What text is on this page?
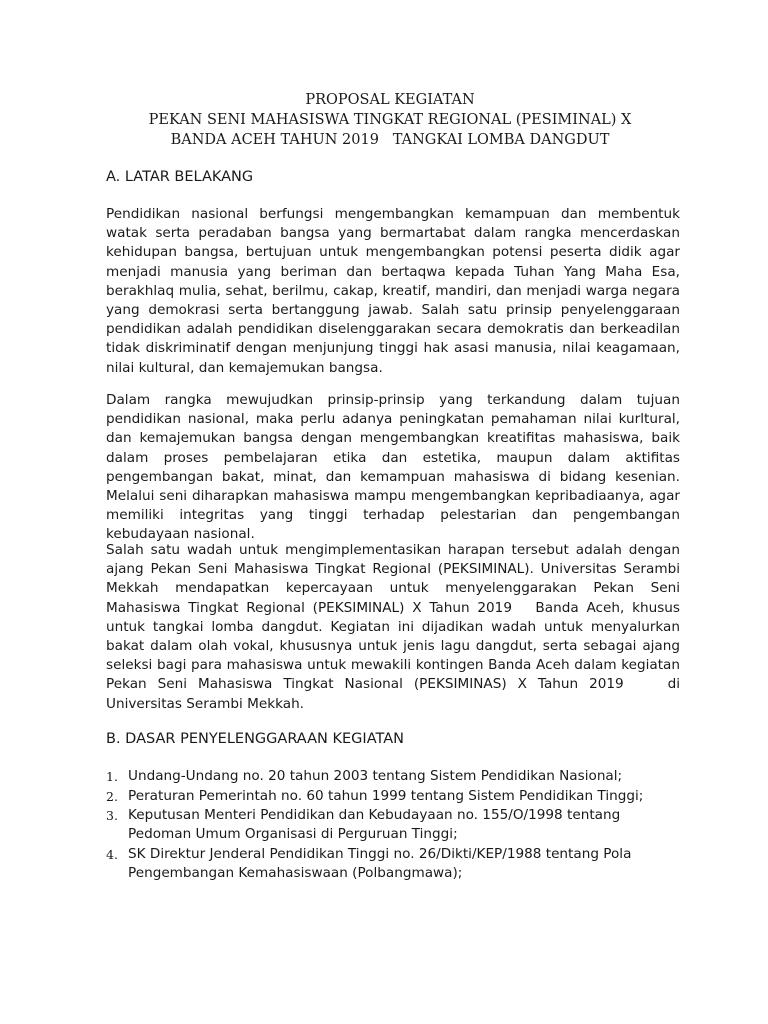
PROPOSAL KEGIATAN
PEKAN SENI MAHASISWA TINGKAT REGIONAL (PESIMINAL) X
BANDA ACEH TAHUN 2019   TANGKAI LOMBA DANGDUT
A. LATAR BELAKANG
Pendidikan nasional berfungsi mengembangkan kemampuan dan membentuk watak serta peradaban bangsa yang bermartabat dalam rangka mencerdaskan kehidupan bangsa, bertujuan untuk mengembangkan potensi peserta didik agar menjadi manusia yang beriman dan bertaqwa kepada Tuhan Yang Maha Esa, berakhlaq mulia, sehat, berilmu, cakap, kreatif, mandiri, dan menjadi warga negara yang demokrasi serta bertanggung jawab. Salah satu prinsip penyelenggaraan pendidikan adalah pendidikan diselenggarakan secara demokratis dan berkeadilan tidak diskriminatif dengan menjunjung tinggi hak asasi manusia, nilai keagamaan, nilai kultural, dan kemajemukan bangsa.
Dalam rangka mewujudkan prinsip-prinsip yang terkandung dalam tujuan pendidikan nasional, maka perlu adanya peningkatan pemahaman nilai kurltural, dan kemajemukan bangsa dengan mengembangkan kreatifitas mahasiswa, baik dalam proses pembelajaran etika dan estetika, maupun dalam aktifitas pengembangan bakat, minat, dan kemampuan mahasiswa di bidang kesenian. Melalui seni diharapkan mahasiswa mampu mengembangkan kepribadiaanya, agar memiliki integritas yang tinggi terhadap pelestarian dan pengembangan kebudayaan nasional.
Salah satu wadah untuk mengimplementasikan harapan tersebut adalah dengan ajang Pekan Seni Mahasiswa Tingkat Regional (PEKSIMINAL). Universitas Serambi Mekkah mendapatkan kepercayaan untuk menyelenggarakan Pekan Seni Mahasiswa Tingkat Regional (PEKSIMINAL) X Tahun 2019   Banda Aceh, khusus untuk tangkai lomba dangdut. Kegiatan ini dijadikan wadah untuk menyalurkan bakat dalam olah vokal, khususnya untuk jenis lagu dangdut, serta sebagai ajang seleksi bagi para mahasiswa untuk mewakili kontingen Banda Aceh dalam kegiatan Pekan Seni Mahasiswa Tingkat Nasional (PEKSIMINAS) X Tahun 2019    di Universitas Serambi Mekkah.
B. DASAR PENYELENGGARAAN KEGIATAN
1. Undang-Undang no. 20 tahun 2003 tentang Sistem Pendidikan Nasional;
2. Peraturan Pemerintah no. 60 tahun 1999 tentang Sistem Pendidikan Tinggi;
3. Keputusan Menteri Pendidikan dan Kebudayaan no. 155/O/1998 tentang Pedoman Umum Organisasi di Perguruan Tinggi;
4. SK Direktur Jenderal Pendidikan Tinggi no. 26/Dikti/KEP/1988 tentang Pola Pengembangan Kemahasiswaan (Polbangmawa);
